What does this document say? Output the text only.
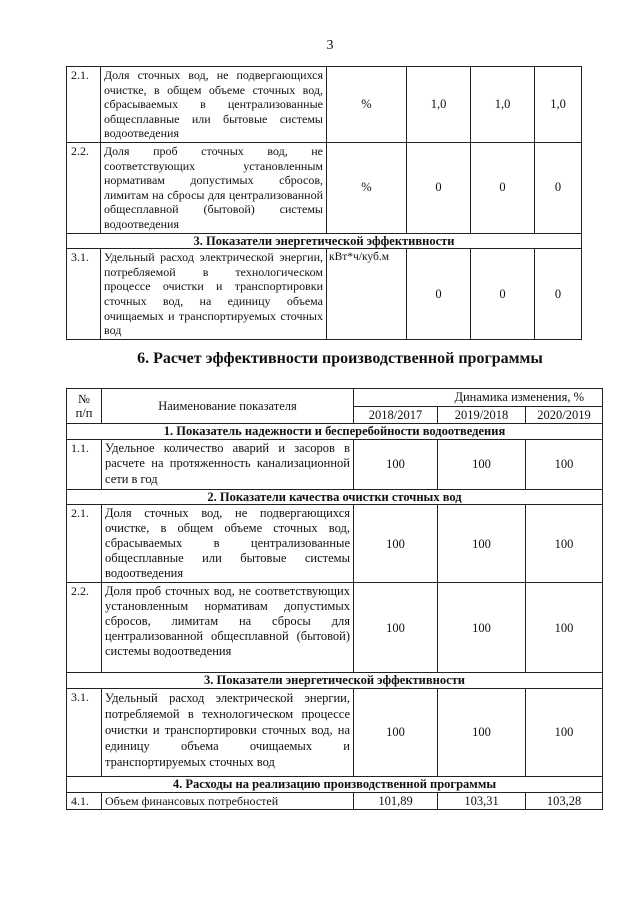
3
2.1.	Доля сточных вод, не подвергающихся очистке, в общем объеме сточных вод, сбрасываемых в централизованные общесплавные или бытовые системы водоотведения	%	1,0	1,0	1,0
2.2.	Доля проб сточных вод, не соответствующих установленным нормативам допустимых сбросов, лимитам на сбросы для централизованной общесплавной (бытовой) системы водоотведения	%	0	0	0
3. Показатели энергетической эффективности					
3.1.	Удельный расход электрической энергии, потребляемой в технологическом процессе очистки и транспортировки сточных вод, на единицу объема очищаемых и транспортируемых сточных вод	кВт*ч/куб.м	0	0	0
6. Расчет эффективности производственной программы
№
п/п	Наименование показателя	Динамика изменения, %		
		2018/2017	2019/2018	2020/2019
1. Показатель надежности и бесперебойности водоотведения				
1.1.	Удельное количество аварий и засоров в расчете на протяженность канализационной сети в год	100	100	100
2. Показатели качества очистки сточных вод				
2.1.	Доля сточных вод, не подвергающихся очистке, в общем объеме сточных вод, сбрасываемых в централизованные общесплавные или бытовые системы водоотведения	100	100	100
2.2.	Доля проб сточных вод, не соответствующих установленным нормативам допустимых сбросов, лимитам на сбросы для централизованной общесплавной (бытовой) системы водоотведения	100	100	100
3. Показатели энергетической эффективности				
3.1.	Удельный расход электрической энергии, потребляемой в технологическом процессе очистки и транспортировки сточных вод, на единицу объема очищаемых и транспортируемых сточных вод	100	100	100
4. Расходы на реализацию производственной программы				
4.1.	Объем финансовых потребностей	101,89	103,31	103,28
